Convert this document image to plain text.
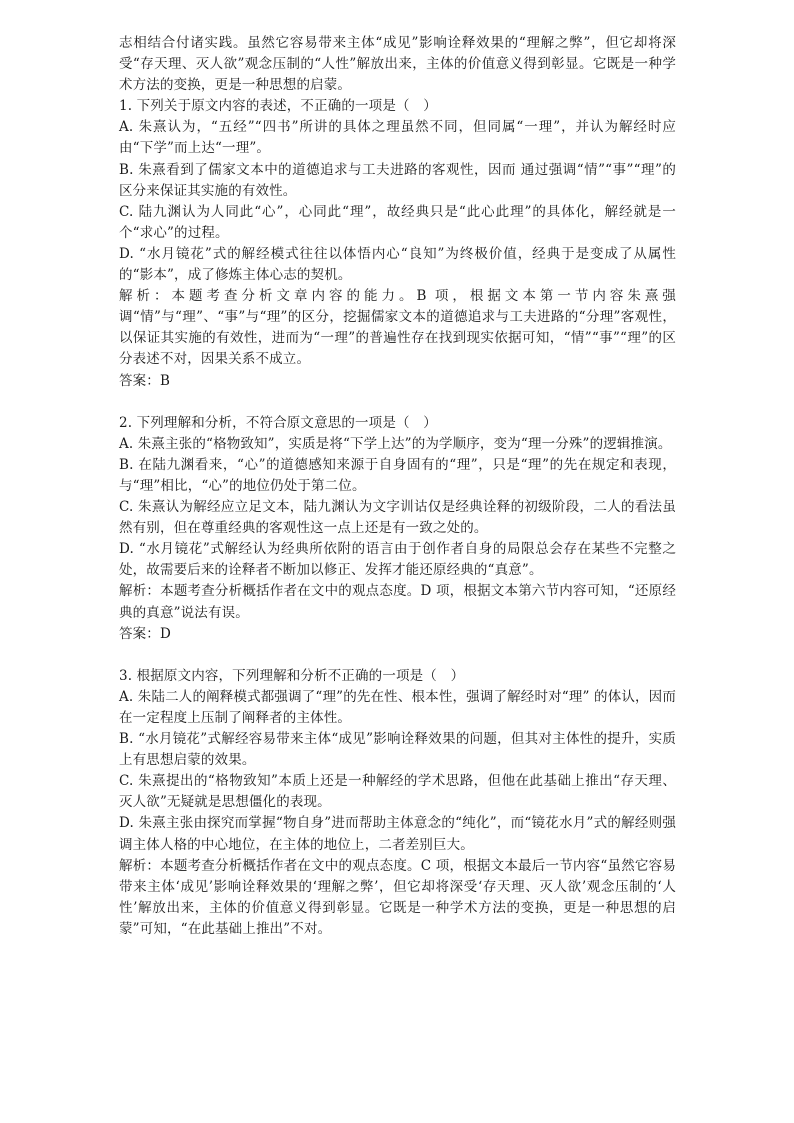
志相结合付诸实践。虽然它容易带来主体“成见”影响诠释效果的“理解之弊”，但它却将深受“存天理、灭人欲”观念压制的“人性”解放出来，主体的价值意义得到彰显。它既是一种学术方法的变换，更是一种思想的启蒙。

1. 下列关于原文内容的表述，不正确的一项是（　）

A. 朱熹认为，“五经”“四书”所讲的具体之理虽然不同，但同属“一理”，并认为解经时应由“下学”而上达“一理”。

B. 朱熹看到了儒家文本中的道德追求与工夫进路的客观性，因而 通过强调“情”“事”“理”的区分来保证其实施的有效性。

C. 陆九渊认为人同此“心”，心同此“理”，故经典只是“此心此理”的具体化，解经就是一个“求心”的过程。

D. “水月镜花”式的解经模式往往以体悟内心“良知”为终极价值，经典于是变成了从属性的“影本”，成了修炼主体心志的契机。

解析：本题考查分析文章内容的能力。B 项，根据文本第一节内容朱熹强调“情”与“理”、“事”与“理”的区分，挖掘儒家文本的道德追求与工夫进路的“分理”客观性，以保证其实施的有效性，进而为“一理”的普遍性存在找到现实依据可知，“情”“事”“理”的区分表述不对，因果关系不成立。

答案：B

2. 下列理解和分析，不符合原文意思的一项是（　）

A. 朱熹主张的“格物致知”，实质是将“下学上达”的为学顺序，变为“理一分殊”的逻辑推演。

B. 在陆九渊看来，“心”的道德感知来源于自身固有的“理”，只是“理”的先在规定和表现，与“理”相比，“心”的地位仍处于第二位。

C. 朱熹认为解经应立足文本，陆九渊认为文字训诂仅是经典诠释的初级阶段，二人的看法虽然有别，但在尊重经典的客观性这一点上还是有一致之处的。

D. “水月镜花”式解经认为经典所依附的语言由于创作者自身的局限总会存在某些不完整之处，故需要后来的诠释者不断加以修正、发挥才能还原经典的“真意”。

解析：本题考查分析概括作者在文中的观点态度。D 项，根据文本第六节内容可知，“还原经典的真意”说法有误。

答案：D

3. 根据原文内容，下列理解和分析不正确的一项是（　）

A. 朱陆二人的阐释模式都强调了“理”的先在性、根本性，强调了解经时对“理” 的体认，因而在一定程度上压制了阐释者的主体性。

B. “水月镜花”式解经容易带来主体“成见”影响诠释效果的问题，但其对主体性的提升，实质上有思想启蒙的效果。

C. 朱熹提出的“格物致知”本质上还是一种解经的学术思路，但他在此基础上推出“存天理、灭人欲”无疑就是思想僵化的表现。

D. 朱熹主张由探究而掌握“物自身”进而帮助主体意念的“纯化”，而“镜花水月”式的解经则强调主体人格的中心地位，在主体的地位上，二者差别巨大。

解析：本题考查分析概括作者在文中的观点态度。C 项，根据文本最后一节内容“虽然它容易带来主体‘成见’影响诠释效果的‘理解之弊’，但它却将深受‘存天理、灭人欲’观念压制的‘人性’解放出来，主体的价值意义得到彰显。它既是一种学术方法的变换，更是一种思想的启蒙”可知，“在此基础上推出”不对。
